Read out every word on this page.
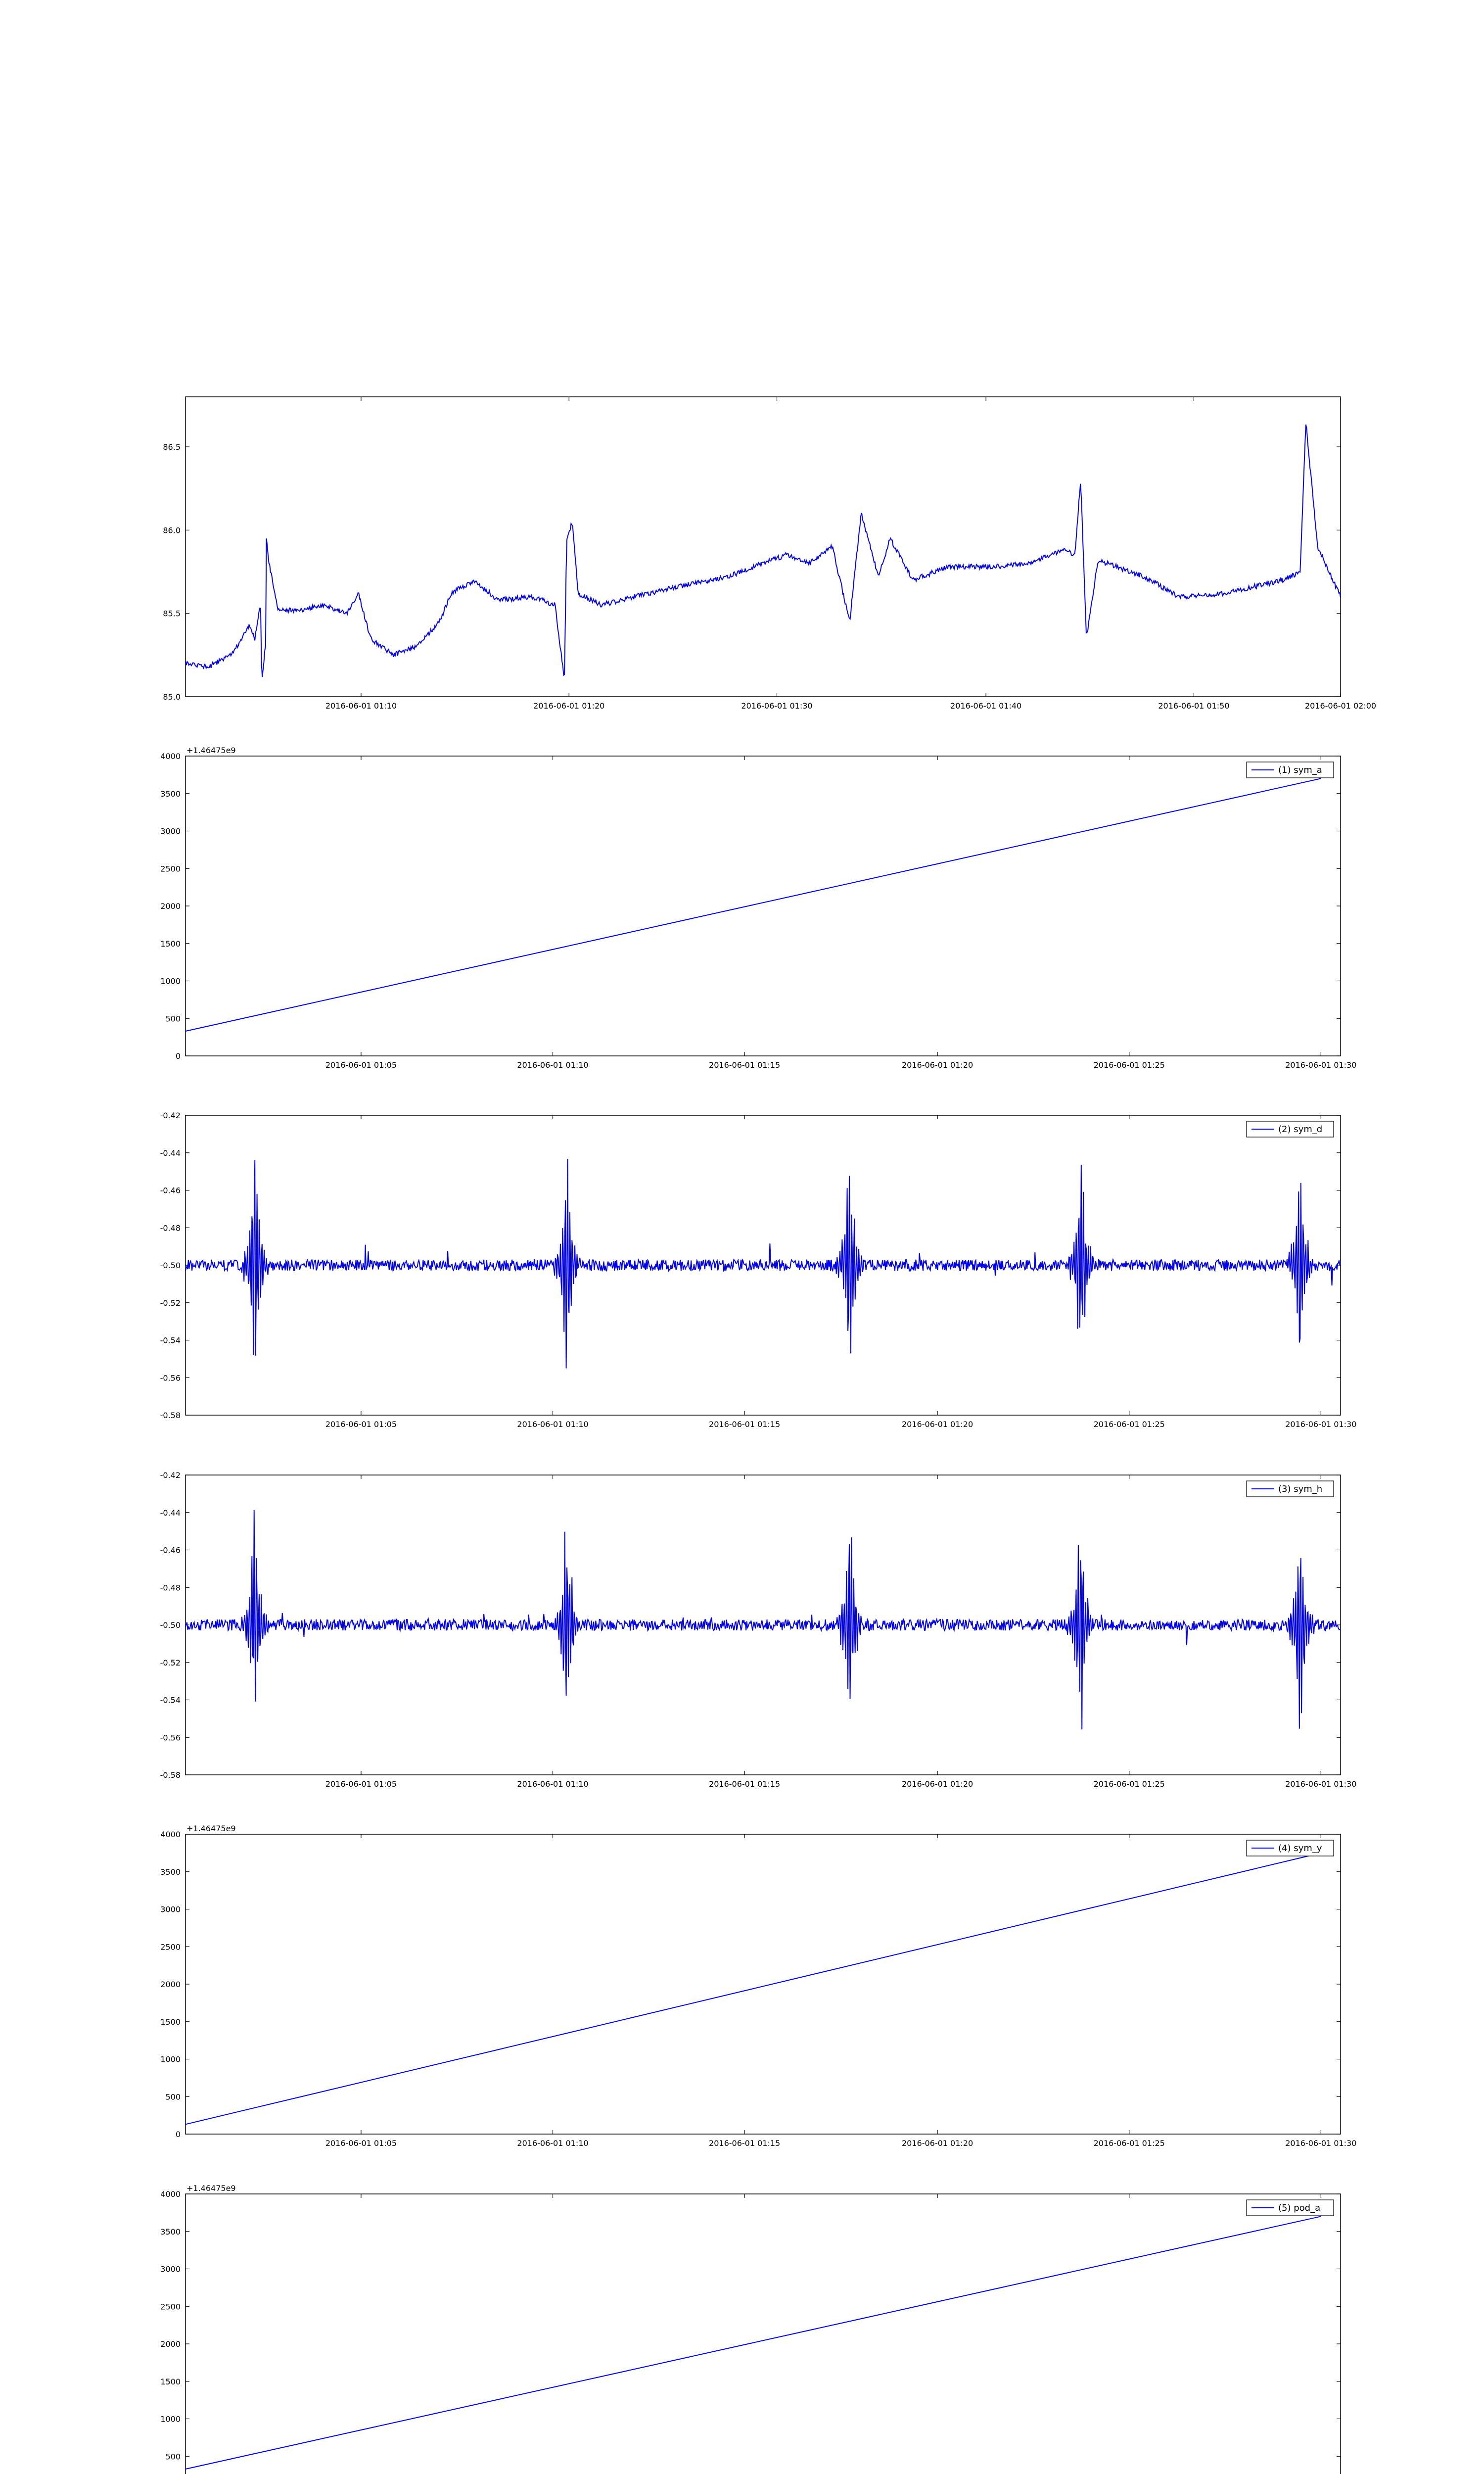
85.0
85.5
86.0
86.5
2016-06-01 01:10	2016-06-01 01:20	2016-06-01 01:30	2016-06-01 01:40	2016-06-01 01:50	2016-06-01 02:00
0
500
1000
1500
2000
2500
3000
3500
4000
2016-06-01 01:05	2016-06-01 01:10	2016-06-01 01:15	2016-06-01 01:20	2016-06-01 01:25	2016-06-01 01:30
+1.46475e9
(1) sym_a
-0.58
-0.56
-0.54
-0.52
-0.50
-0.48
-0.46
-0.44
-0.42
2016-06-01 01:05	2016-06-01 01:10	2016-06-01 01:15	2016-06-01 01:20	2016-06-01 01:25	2016-06-01 01:30
(2) sym_d
-0.58
-0.56
-0.54
-0.52
-0.50
-0.48
-0.46
-0.44
-0.42
2016-06-01 01:05	2016-06-01 01:10	2016-06-01 01:15	2016-06-01 01:20	2016-06-01 01:25	2016-06-01 01:30
(3) sym_h
0
500
1000
1500
2000
2500
3000
3500
4000
2016-06-01 01:05	2016-06-01 01:10	2016-06-01 01:15	2016-06-01 01:20	2016-06-01 01:25	2016-06-01 01:30
+1.46475e9
(4) sym_y
500
1000
1500
2000
2500
3000
3500
4000
+1.46475e9
(5) pod_a
